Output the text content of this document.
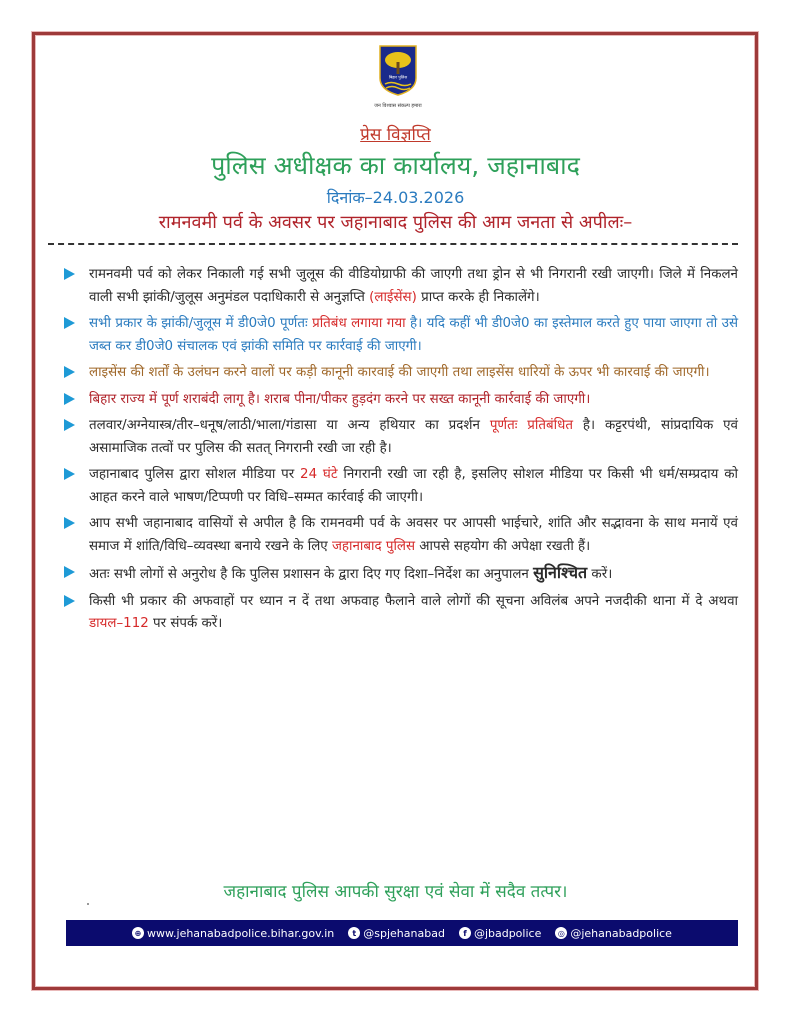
बिहार पुलिस
जन विश्वास संकल्प हमारा
प्रेस विज्ञप्ति
पुलिस अधीक्षक का कार्यालय, जहानाबाद
दिनांक–24.03.2026
रामनवमी पर्व के अवसर पर जहानाबाद पुलिस की आम जनता से अपीलः–
रामनवमी पर्व को लेकर निकाली गई सभी जुलूस की वीडियोग्राफी की जाएगी तथा ड्रोन से भी निगरानी रखी जाएगी। जिले में निकलने वाली सभी झांकी/जुलूस अनुमंडल पदाधिकारी से अनुज्ञप्ति (लाईसेंस) प्राप्त करके ही निकालेंगे।
सभी प्रकार के झांकी/जुलूस में डी0जे0 पूर्णतः प्रतिबंध लगाया गया है। यदि कहीं भी डी0जे0 का इस्तेमाल करते हुए पाया जाएगा तो उसे जब्त कर डी0जे0 संचालक एवं झांकी समिति पर कार्रवाई की जाएगी।
लाइसेंस की शर्तों के उलंघन करने वालों पर कड़ी कानूनी कारवाई की जाएगी तथा लाइसेंस धारियों के ऊपर भी कारवाई की जाएगी।
बिहार राज्य में पूर्ण शराबंदी लागू है। शराब पीना/पीकर हुड़दंग करने पर सख्त कानूनी कार्रवाई की जाएगी।
तलवार/अग्नेयास्त्र/तीर–धनूष/लाठी/भाला/गंडासा या अन्य हथियार का प्रदर्शन पूर्णतः प्रतिबंधित है। कट्टरपंथी, सांप्रदायिक एवं असामाजिक तत्वों पर पुलिस की सतत् निगरानी रखी जा रही है।
जहानाबाद पुलिस द्वारा सोशल मीडिया पर 24 घंटे निगरानी रखी जा रही है, इसलिए सोशल मीडिया पर किसी भी धर्म/सम्प्रदाय को आहत करने वाले भाषण/टिप्पणी पर विधि–सम्मत कार्रवाई की जाएगी।
आप सभी जहानाबाद वासियों से अपील है कि रामनवमी पर्व के अवसर पर आपसी भाईचारे, शांति और सद्भावना के साथ मनायें एवं समाज में शांति/विधि–व्यवस्था बनाये रखने के लिए जहानाबाद पुलिस आपसे सहयोग की अपेक्षा रखती हैं।
अतः सभी लोगों से अनुरोध है कि पुलिस प्रशासन के द्वारा दिए गए दिशा–निर्देश का अनुपालन सुनिश्चित करें।
किसी भी प्रकार की अफवाहों पर ध्यान न दें तथा अफवाह फैलाने वाले लोगों की सूचना अविलंब अपने नजदीकी थाना में दे अथवा डायल–112 पर संपर्क करें।
जहानाबाद पुलिस आपकी सुरक्षा एवं सेवा में सदैव तत्पर।
⊕ www.jehanabadpolice.bihar.gov.in	t @spjehanabad	f @jbadpolice	◎ @jehanabadpolice
